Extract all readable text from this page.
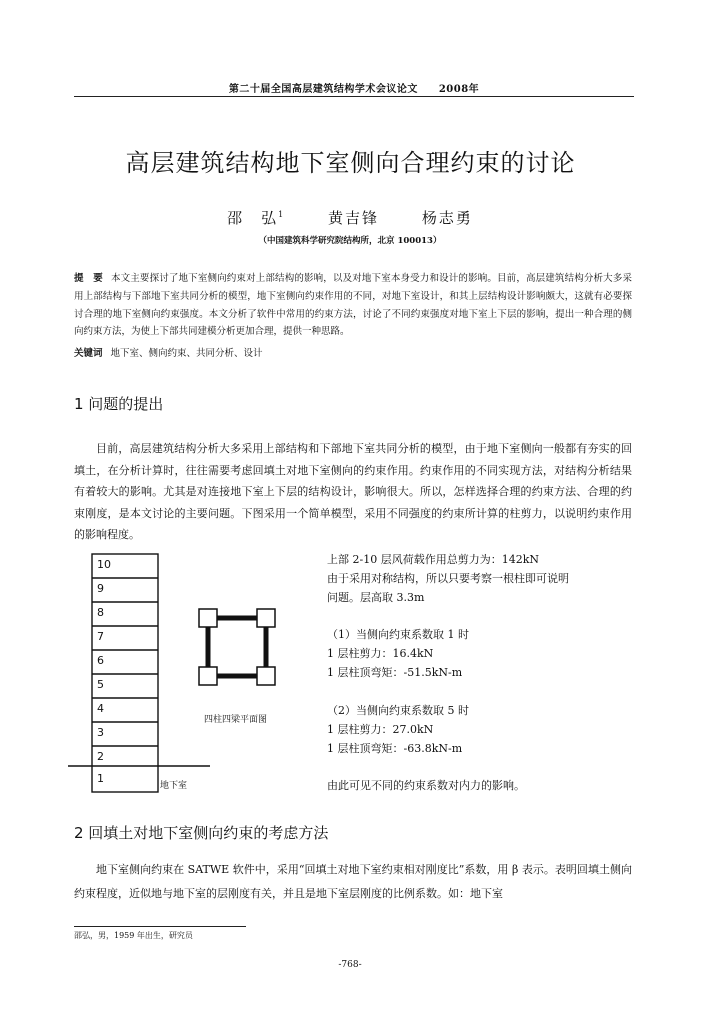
第二十届全国高层建筑结构学术会议论文　　2008年
高层建筑结构地下室侧向合理约束的讨论
邵　弘$^1$	黄吉锋	杨志勇
（中国建筑科学研究院结构所，北京 100013）
提　要 本文主要探讨了地下室侧向约束对上部结构的影响，以及对地下室本身受力和设计的影响。目前，高层建筑结构分析大多采用上部结构与下部地下室共同分析的模型，地下室侧向约束作用的不同，对地下室设计，和其上层结构设计影响颇大，这就有必要探讨合理的地下室侧向约束强度。本文分析了软件中常用的约束方法，讨论了不同约束强度对地下室上下层的影响，提出一种合理的侧向约束方法，为使上下部共同建模分析更加合理，提供一种思路。
关键词 地下室、侧向约束、共同分析、设计
1 问题的提出
目前，高层建筑结构分析大多采用上部结构和下部地下室共同分析的模型，由于地下室侧向一般都有夯实的回填土，在分析计算时，往往需要考虑回填土对地下室侧向的约束作用。约束作用的不同实现方法，对结构分析结果有着较大的影响。尤其是对连接地下室上下层的结构设计，影响很大。所以，怎样选择合理的约束方法、合理的约束刚度，是本文讨论的主要问题。下图采用一个简单模型，采用不同强度的约束所计算的柱剪力，以说明约束作用的影响程度。
10
9
8
7
6
5
4
3
2
1
地下室
四柱四梁平面图
上部 2-10 层风荷载作用总剪力为：142kN
由于采用对称结构，所以只要考察一根柱即可说明
问题。层高取 3.3m
（1）当侧向约束系数取 1 时
1 层柱剪力：16.4kN
1 层柱顶弯矩：-51.5kN-m
（2）当侧向约束系数取 5 时
1 层柱剪力：27.0kN
1 层柱顶弯矩：-63.8kN-m
由此可见不同的约束系数对内力的影响。
2 回填土对地下室侧向约束的考虑方法
地下室侧向约束在 SATWE 软件中，采用“回填土对地下室约束相对刚度比”系数，用 β 表示。表明回填土侧向约束程度，近似地与地下室的层刚度有关，并且是地下室层刚度的比例系数。如：地下室
邵弘，男，1959 年出生，研究员
-768-
